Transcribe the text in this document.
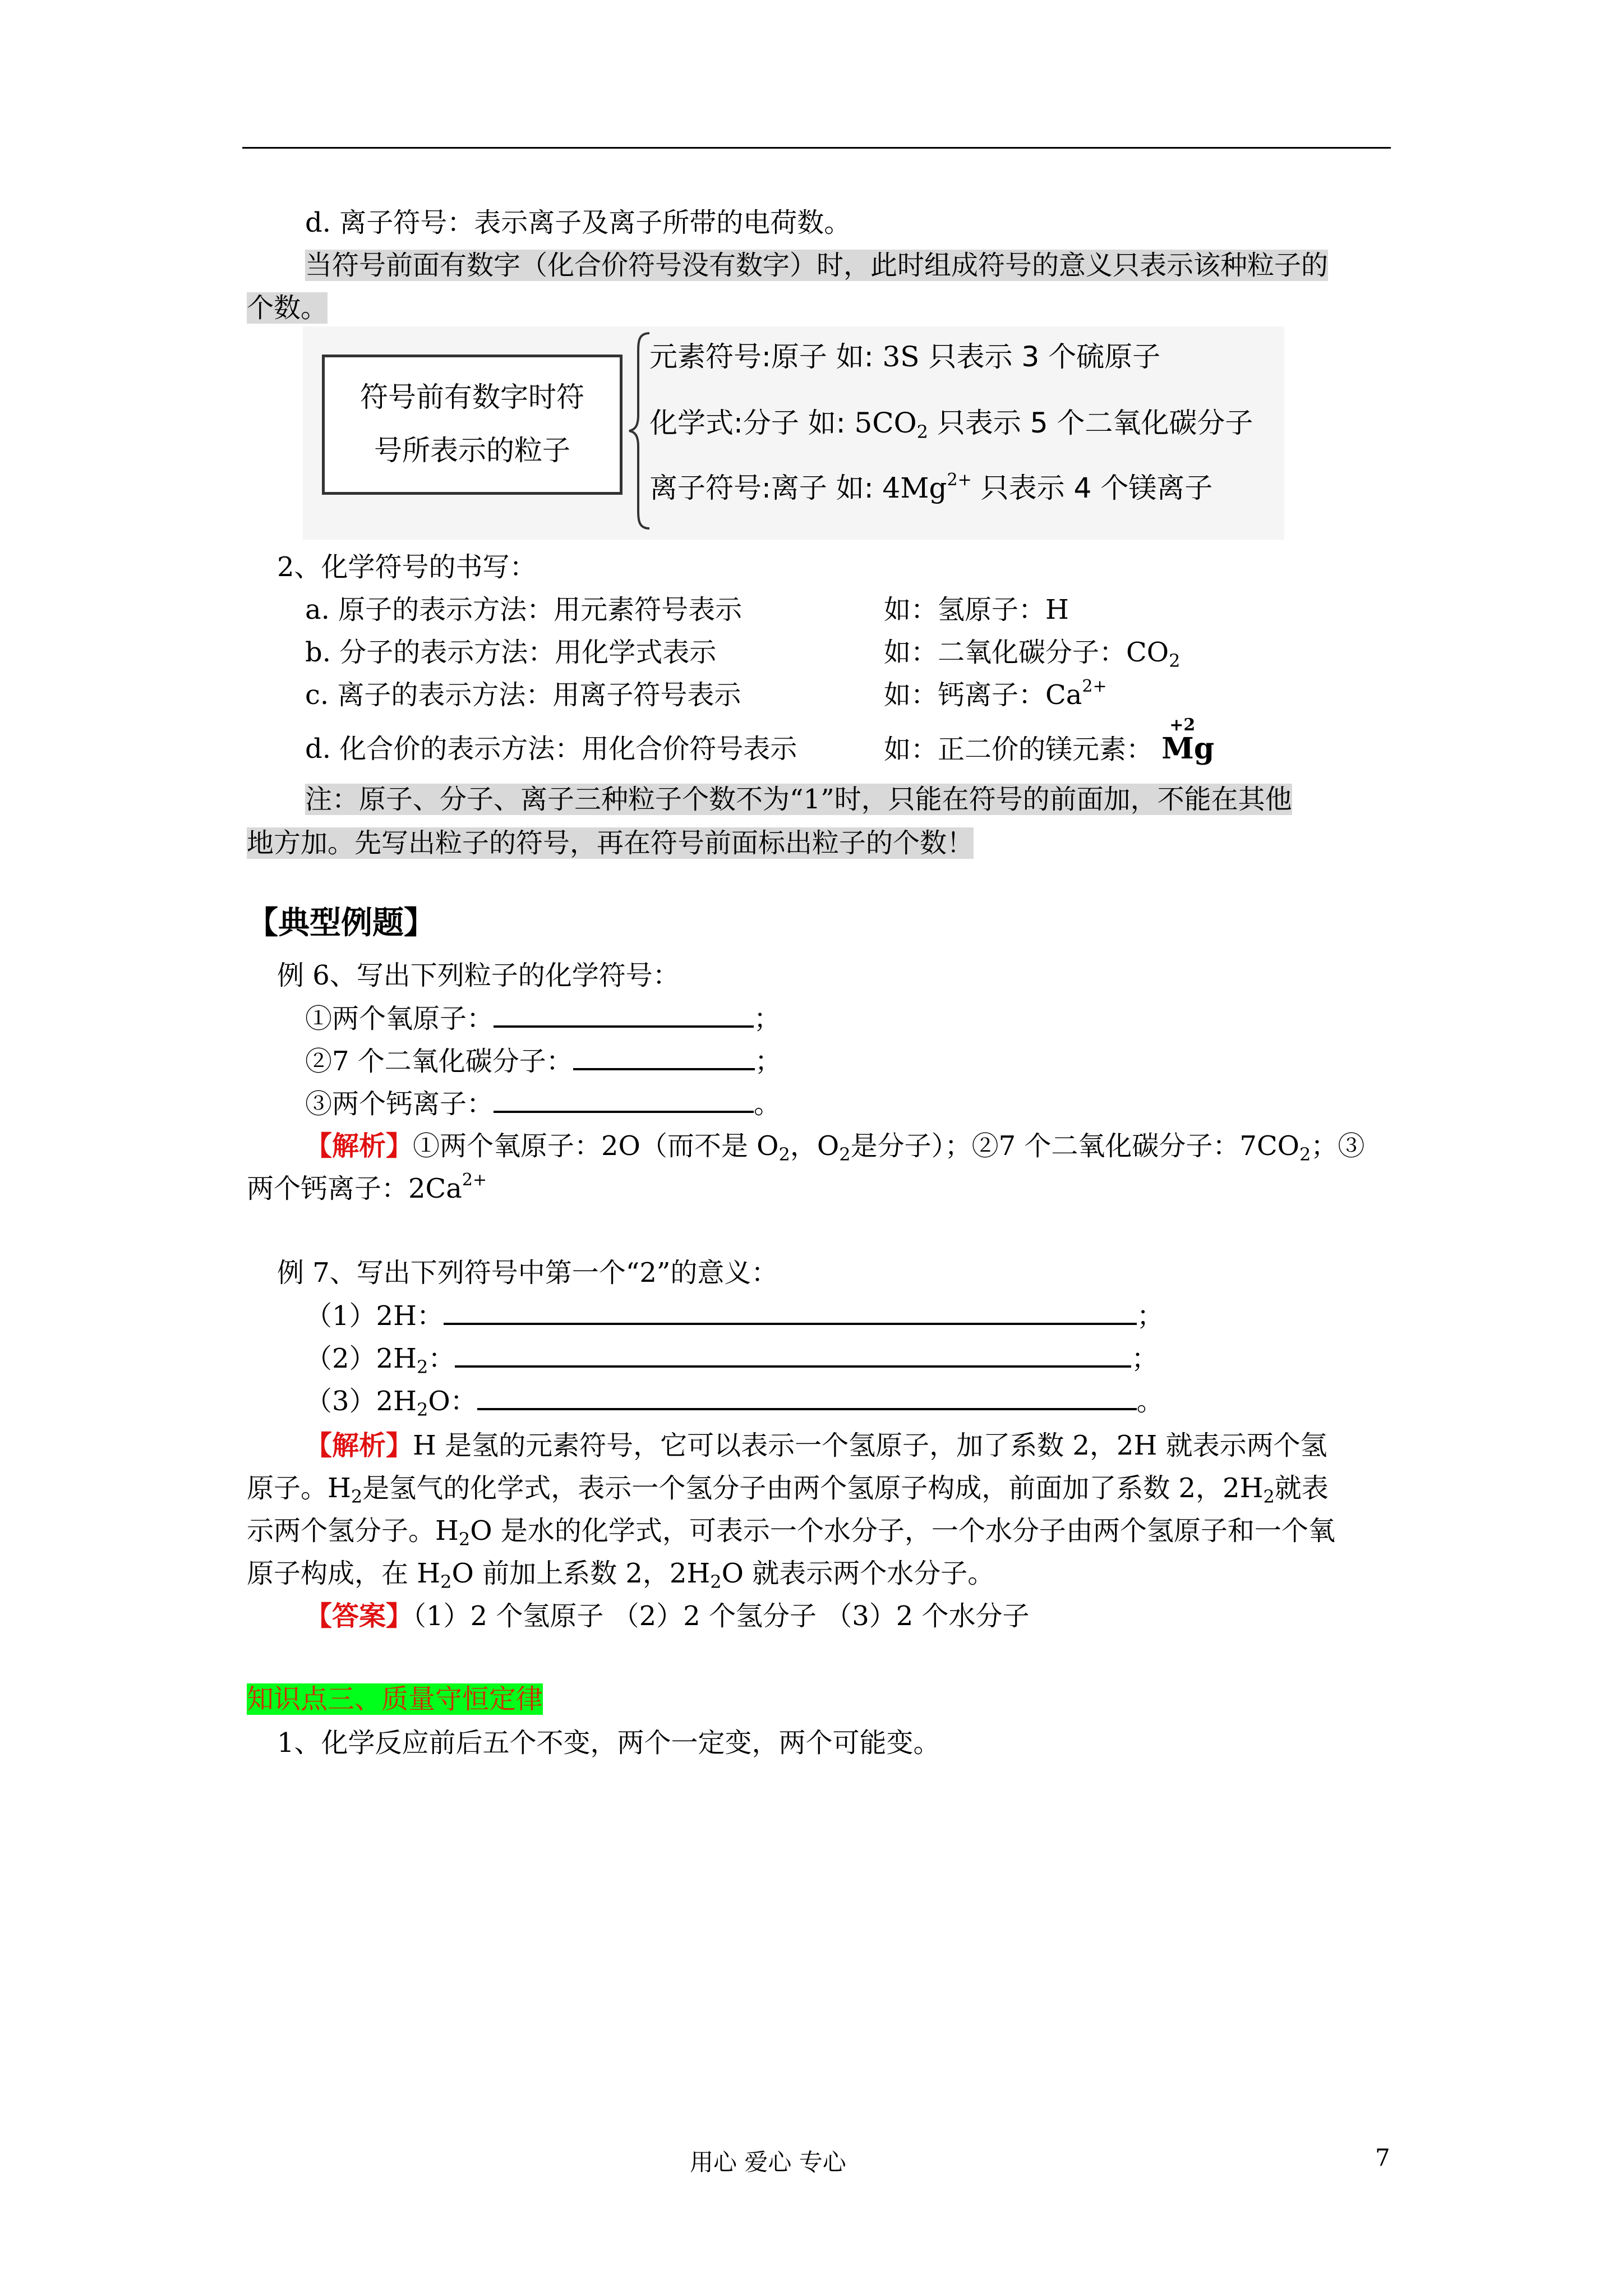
d. 离子符号：表示离子及离子所带的电荷数。
当符号前面有数字（化合价符号没有数字）时，此时组成符号的意义只表示该种粒子的
个数。
符号前有数字时符
号所表示的粒子
元素符号:原子 如: 3S 只表示 3 个硫原子
化学式:分子 如: $5CO_2$ 只表示 5 个二氧化碳分子
离子符号:离子 如: $4Mg^{2+}$ 只表示 4 个镁离子
2、化学符号的书写：
a. 原子的表示方法：用元素符号表示	如：氢原子：H
b. 分子的表示方法：用化学式表示	如：二氧化碳分子：$CO_2$
c. 离子的表示方法：用离子符号表示	如：钙离子：$Ca^{2+}$
d. 化合价的表示方法：用化合价符号表示	如：正二价的镁元素：
+2
Mg
注：原子、分子、离子三种粒子个数不为“1”时，只能在符号的前面加，不能在其他
地方加。先写出粒子的符号，再在符号前面标出粒子的个数！
【典型例题】
例 6、写出下列粒子的化学符号：
①两个氧原子：	；
②7 个二氧化碳分子：	；
③两个钙离子：	。
【解析】①两个氧原子：2O（而不是 $O_2$，$O_2$是分子）；②7 个二氧化碳分子：$7CO_2$；③
两个钙离子：$2Ca^{2+}$
例 7、写出下列符号中第一个“2”的意义：
（1）2H：	；
$(2)2H_2$：	；
$(3)2H_2O$：	。
【解析】H 是氢的元素符号，它可以表示一个氢原子，加了系数 2，2H 就表示两个氢
原子。$H_2$是氢气的化学式，表示一个氢分子由两个氢原子构成，前面加了系数 2，$2H_2$就表
示两个氢分子。$H_2O$ 是水的化学式，可表示一个水分子，一个水分子由两个氢原子和一个氧
原子构成，在 $H_2O$ 前加上系数 2，$2H_2O$ 就表示两个水分子。
【答案】（1）2 个氢原子 （2）2 个氢分子 （3）2 个水分子
知识点三、质量守恒定律
1、化学反应前后五个不变，两个一定变，两个可能变。
用心 爱心 专心	7
